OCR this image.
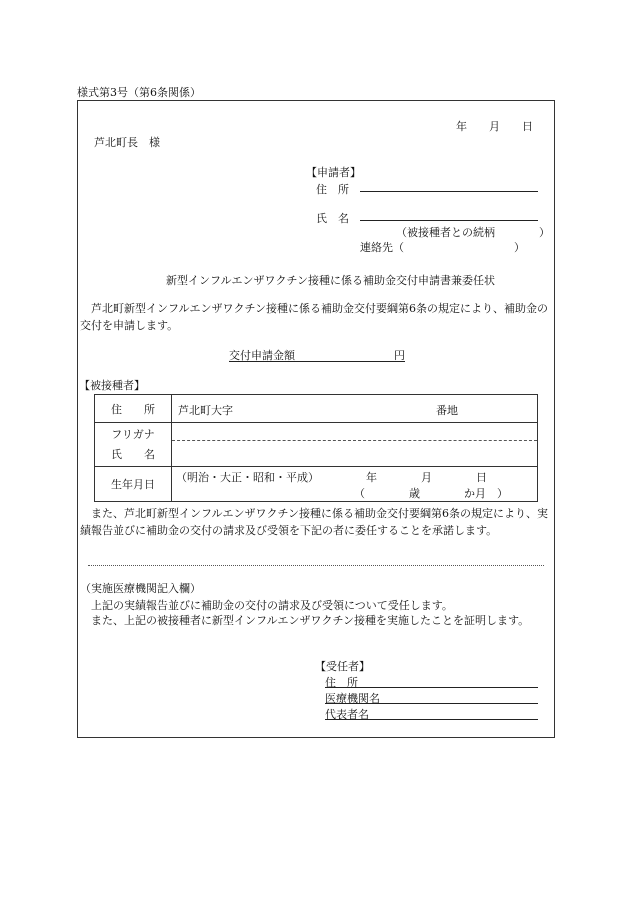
様式第3号（第6条関係）
年　　月　　日
芦北町長　様
【申請者】
住　所
氏　名
（被接種者との続柄　　　　）
連絡先（　　　　　　　　　　）
新型インフルエンザワクチン接種に係る補助金交付申請書兼委任状
　芦北町新型インフルエンザワクチン接種に係る補助金交付要綱第6条の規定により、補助金の交付を申請します。
交付申請金額	円
【被接種者】
住　　所	芦北町大字 番地

フリガナ
氏　　名	

生年月日	（明治・大正・昭和・平成） 年　　　　月　　　　日
（　　　　歳　　　　か月　）
　また、芦北町新型インフルエンザワクチン接種に係る補助金交付要綱第6条の規定により、実績報告並びに補助金の交付の請求及び受領を下記の者に委任することを承諾します。
（実施医療機関記入欄）
　上記の実績報告並びに補助金の交付の請求及び受領について受任します。
　また、上記の被接種者に新型インフルエンザワクチン接種を実施したことを証明します。
【受任者】
住　所
医療機関名
代表者名
